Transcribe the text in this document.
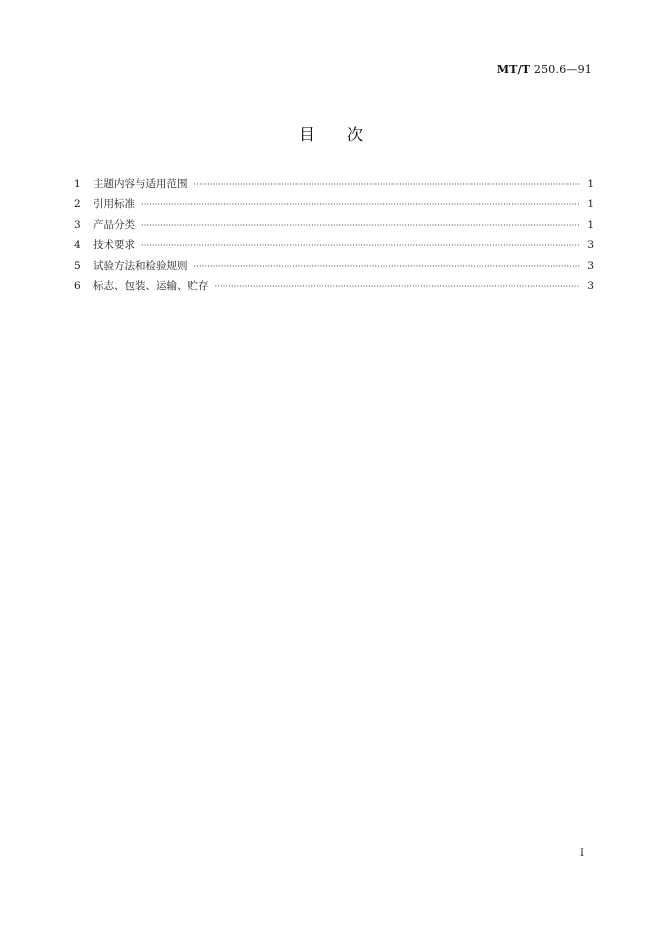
MT/T 250.6—91
目　　次
1	主题内容与适用范围 ·····	1
2	引用标准 ·····	1
3	产品分类 ·····	1
4	技术要求 ·····	3
5	试验方法和检验规则 ·····	3
6	标志、包装、运输、贮存 ·····	3
I
